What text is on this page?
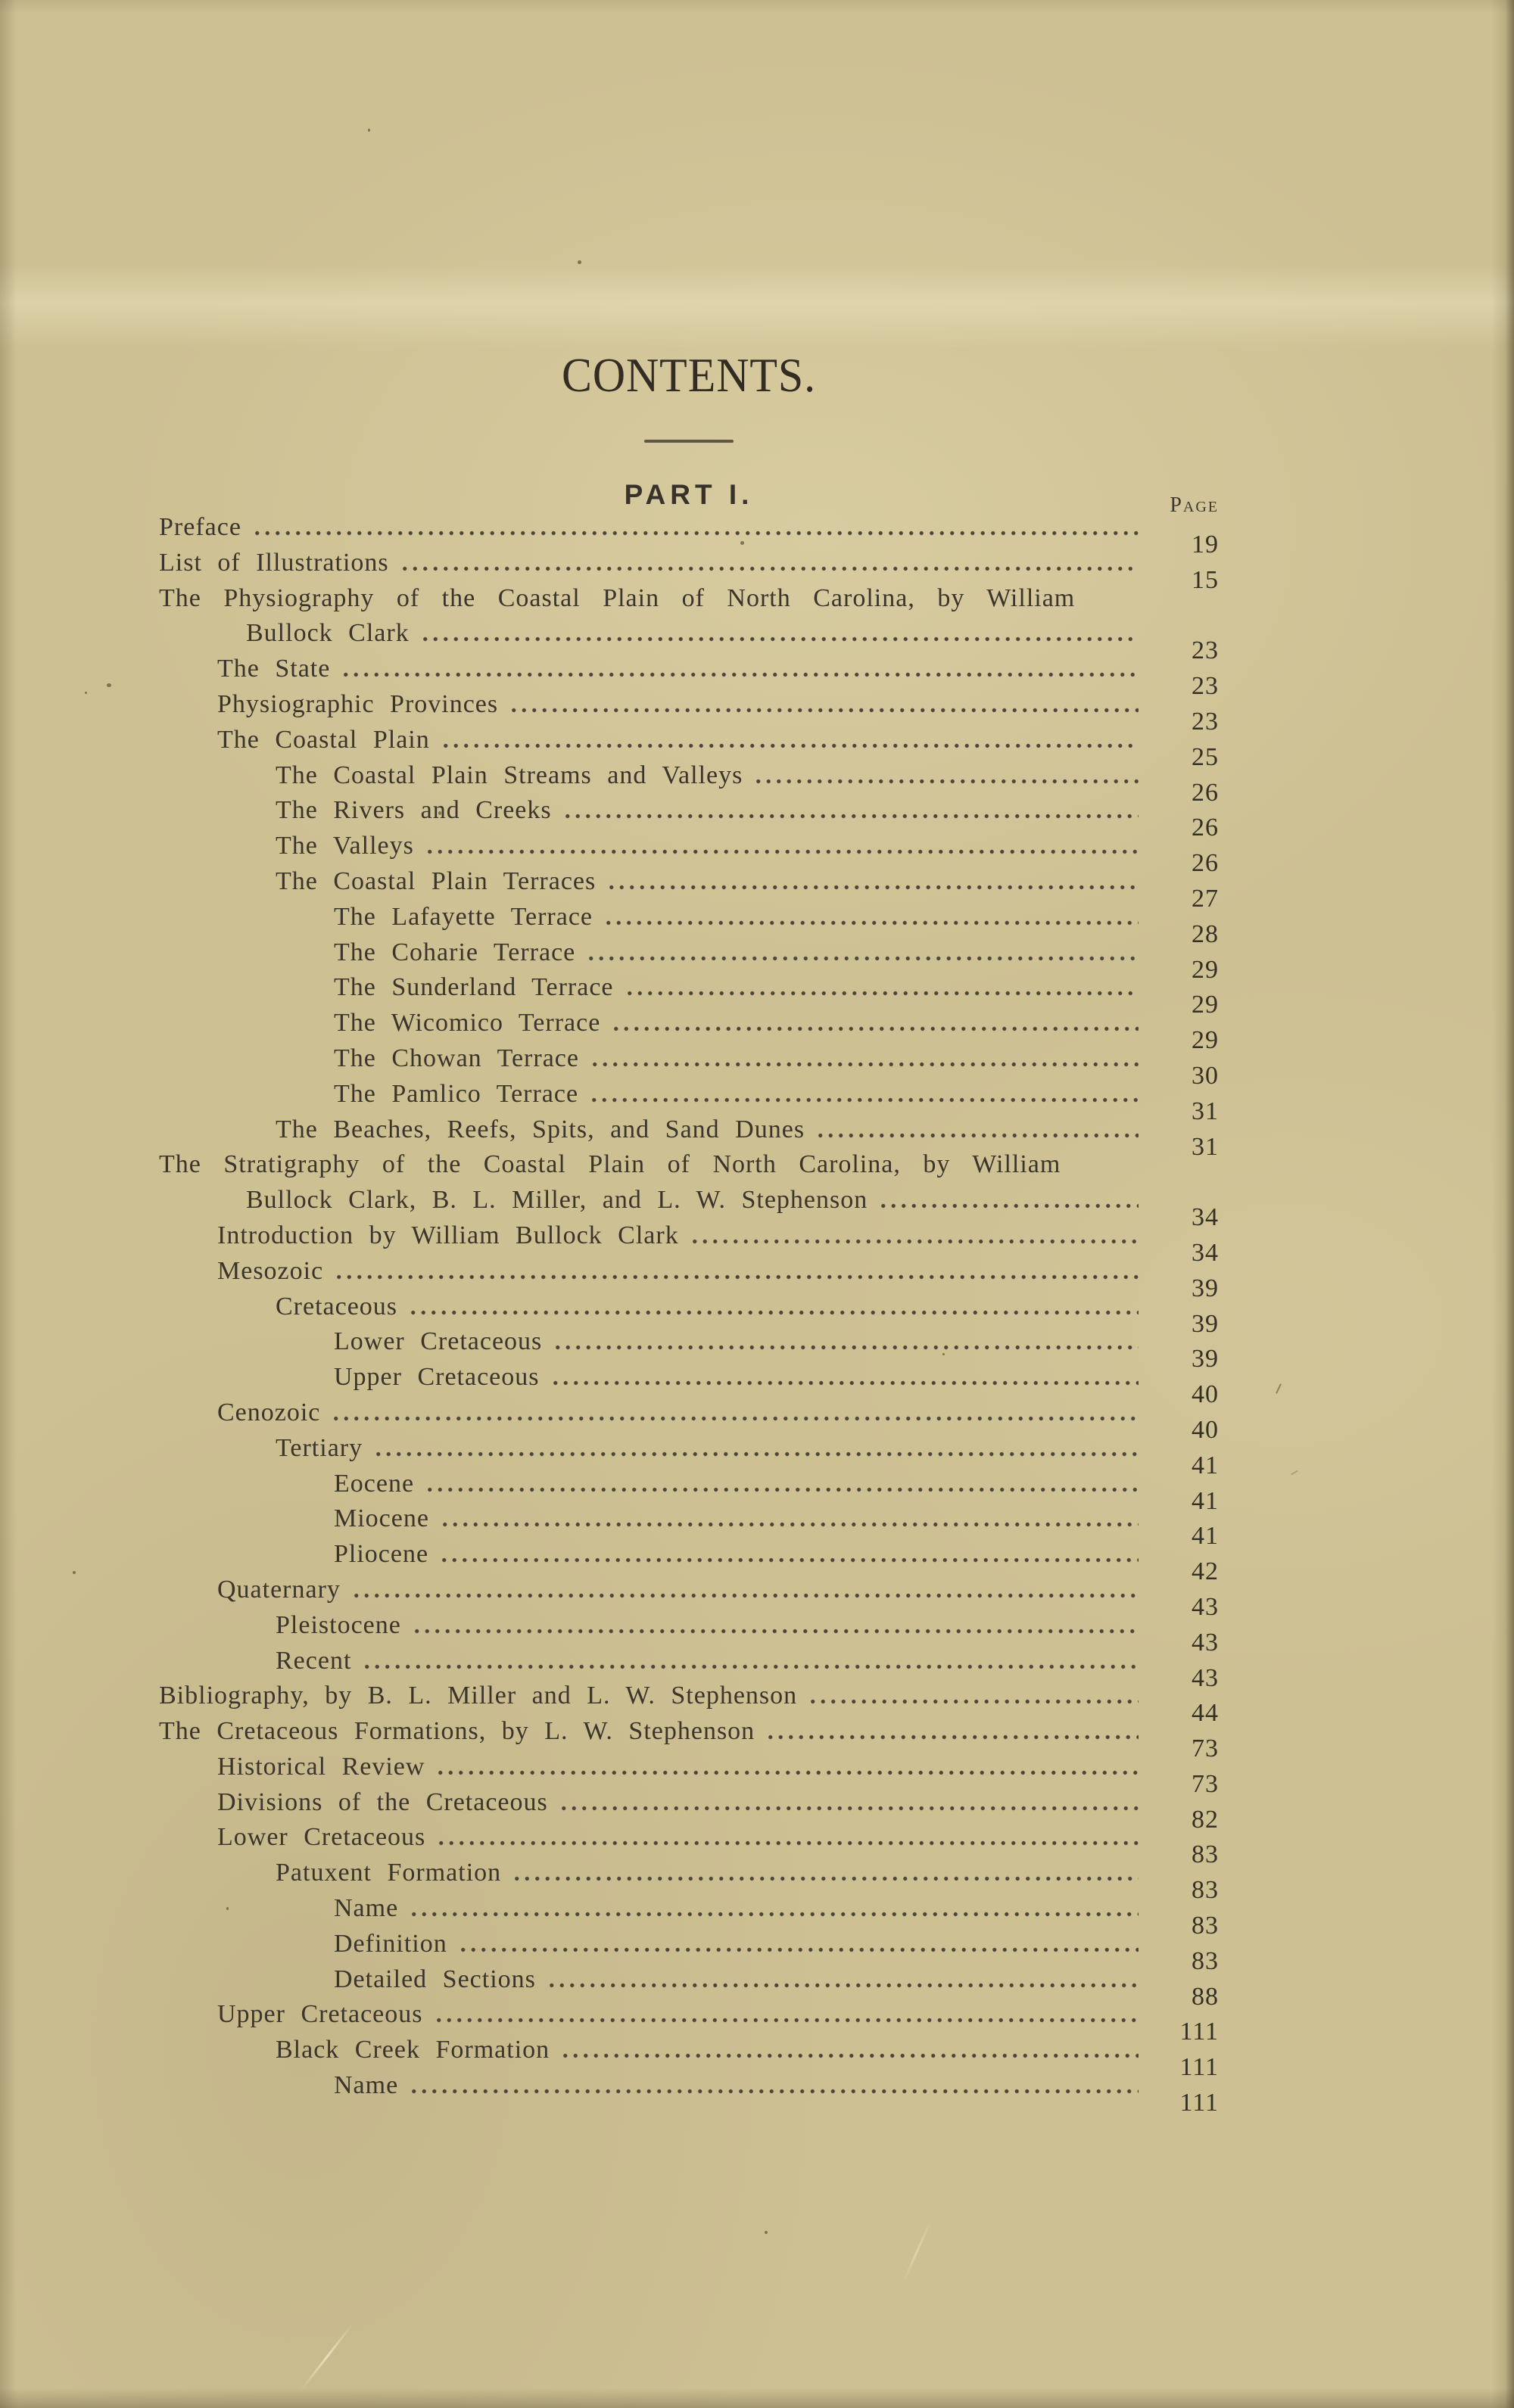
CONTENTS.
PART I.	Page
Preface
19
List of Illustrations
15
The Physiography of the Coastal Plain of North Carolina, by William
Bullock Clark
23
The State
23
Physiographic Provinces
23
The Coastal Plain
25
The Coastal Plain Streams and Valleys
26
The Rivers and Creeks
26
The Valleys
26
The Coastal Plain Terraces
27
The Lafayette Terrace
28
The Coharie Terrace
29
The Sunderland Terrace
29
The Wicomico Terrace
29
The Chowan Terrace
30
The Pamlico Terrace
31
The Beaches, Reefs, Spits, and Sand Dunes
31
The Stratigraphy of the Coastal Plain of North Carolina, by William
Bullock Clark, B. L. Miller, and L. W. Stephenson
34
Introduction by William Bullock Clark
34
Mesozoic
39
Cretaceous
39
Lower Cretaceous
39
Upper Cretaceous
40
Cenozoic
40
Tertiary
41
Eocene
41
Miocene
41
Pliocene
42
Quaternary
43
Pleistocene
43
Recent
43
Bibliography, by B. L. Miller and L. W. Stephenson
44
The Cretaceous Formations, by L. W. Stephenson
73
Historical Review
73
Divisions of the Cretaceous
82
Lower Cretaceous
83
Patuxent Formation
83
Name
83
Definition
83
Detailed Sections
88
Upper Cretaceous
111
Black Creek Formation
111
Name
111
